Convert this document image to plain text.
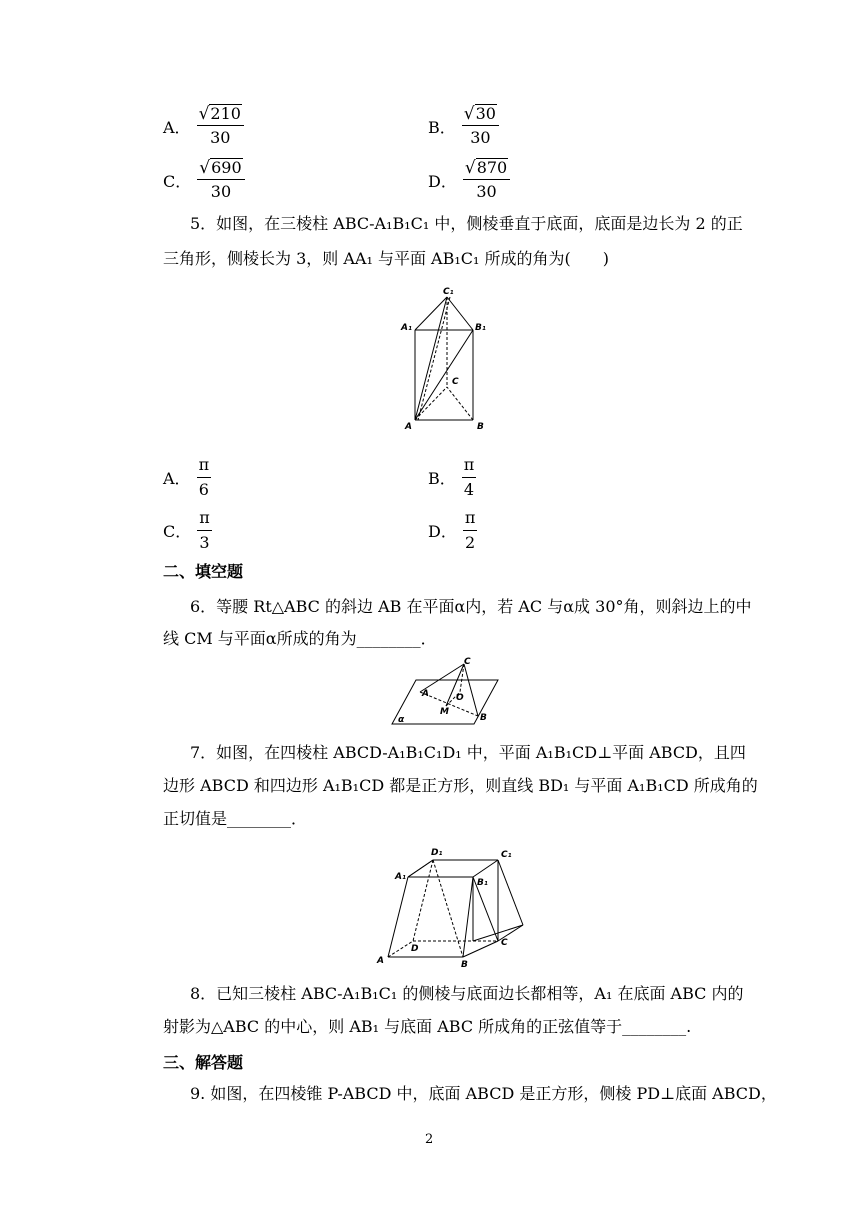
A． $\frac{√ 210}{30}$	B． $\frac{√ 30}{30}$
C． $\frac{√ 690}{30}$	D． $\frac{√ 870}{30}$
5．如图，在三棱柱 ABC-A₁B₁C₁ 中，侧棱垂直于底面，底面是边长为 2 的正
三角形，侧棱长为 3，则 AA₁ 与平面 AB₁C₁ 所成的角为(　　)
C₁
A₁	B₁
C
A	B
A． $\frac{\pi}{6}$	B． $\frac{\pi}{4}$
C． $\frac{\pi}{3}$	D． $\frac{\pi}{2}$
二、填空题
6．等腰 Rt△ABC 的斜边 AB 在平面α内，若 AC 与α成 30°角，则斜边上的中
线 CM 与平面α所成的角为________．
C
A	O
M
B
α
7．如图，在四棱柱 ABCD-A₁B₁C₁D₁ 中，平面 A₁B₁CD⊥平面 ABCD，且四
边形 ABCD 和四边形 A₁B₁CD 都是正方形，则直线 BD₁ 与平面 A₁B₁CD 所成角的
正切值是________．
D₁	C₁
A₁
B₁
D
C
A	B
8．已知三棱柱 ABC-A₁B₁C₁ 的侧棱与底面边长都相等，A₁ 在底面 ABC 内的
射影为△ABC 的中心，则 AB₁ 与底面 ABC 所成角的正弦值等于________.
三、解答题
9. 如图，在四棱锥 P-ABCD 中，底面 ABCD 是正方形，侧棱 PD⊥底面 ABCD，
2
